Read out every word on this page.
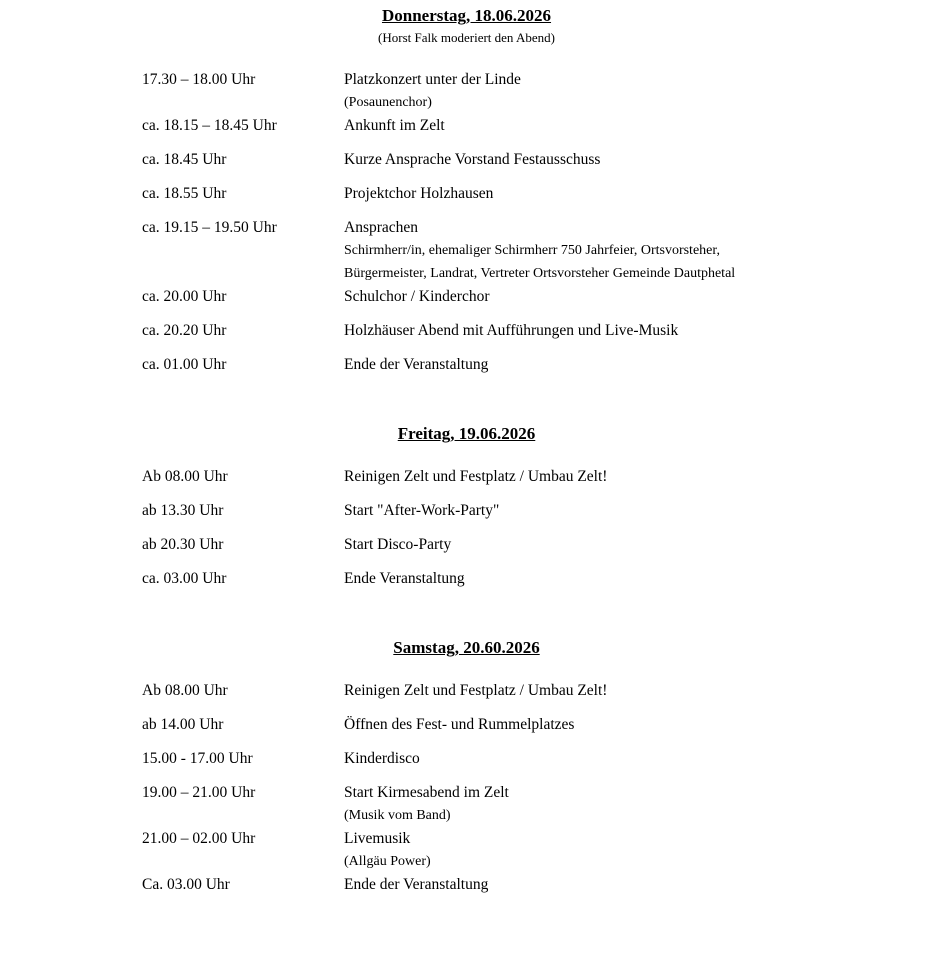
Donnerstag, 18.06.2026
(Horst Falk moderiert den Abend)
17.30 – 18.00 Uhr	Platzkonzert unter der Linde
(Posaunenchor)
ca. 18.15 – 18.45 Uhr	Ankunft im Zelt
ca. 18.45 Uhr	Kurze Ansprache Vorstand Festausschuss
ca. 18.55 Uhr	Projektchor Holzhausen
ca. 19.15 – 19.50 Uhr	Ansprachen
Schirmherr/in, ehemaliger Schirmherr 750 Jahrfeier, Ortsvorsteher,
Bürgermeister, Landrat, Vertreter Ortsvorsteher Gemeinde Dautphetal
ca. 20.00 Uhr	Schulchor / Kinderchor
ca. 20.20 Uhr	Holzhäuser Abend mit Aufführungen und Live-Musik
ca. 01.00 Uhr	Ende der Veranstaltung
Freitag, 19.06.2026
Ab 08.00 Uhr	Reinigen Zelt und Festplatz / Umbau Zelt!
ab 13.30 Uhr	Start "After-Work-Party"
ab 20.30 Uhr	Start Disco-Party
ca. 03.00 Uhr	Ende Veranstaltung
Samstag, 20.60.2026
Ab 08.00 Uhr	Reinigen Zelt und Festplatz / Umbau Zelt!
ab 14.00 Uhr	Öffnen des Fest- und Rummelplatzes
15.00 - 17.00 Uhr	Kinderdisco
19.00 – 21.00 Uhr	Start Kirmesabend im Zelt
(Musik vom Band)
21.00 – 02.00 Uhr	Livemusik
(Allgäu Power)
Ca. 03.00 Uhr	Ende der Veranstaltung
